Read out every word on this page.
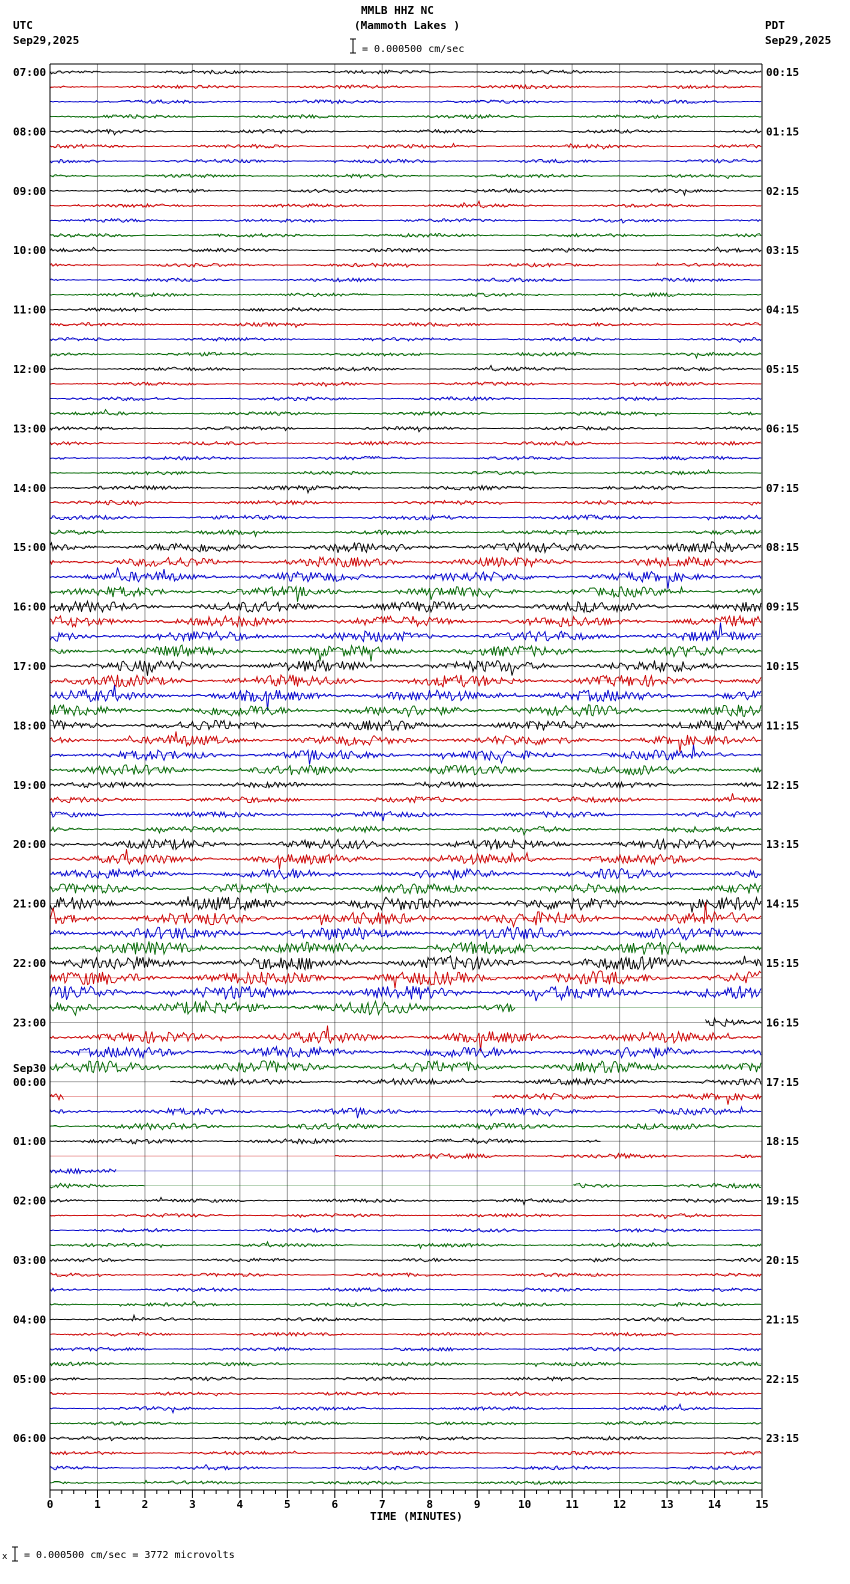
MMLB HHZ NC
(Mammoth Lakes )
UTC
Sep29,2025
PDT
Sep29,2025
= 0.000500 cm/sec
0	1	2	3	4	5	6	7	8	9	10	11	12	13	14	15
07:00
08:00
09:00
10:00
11:00
12:00
13:00
14:00
15:00
16:00
17:00
18:00
19:00
20:00
21:00
22:00
23:00
Sep30
00:00
01:00
02:00
03:00
04:00
05:00
06:00
00:15
01:15
02:15
03:15
04:15
05:15
06:15
07:15
08:15
09:15
10:15
11:15
12:15
13:15
14:15
15:15
16:15
17:15
18:15
19:15
20:15
21:15
22:15
23:15
TIME (MINUTES)
x = 0.000500 cm/sec = 3772 microvolts
